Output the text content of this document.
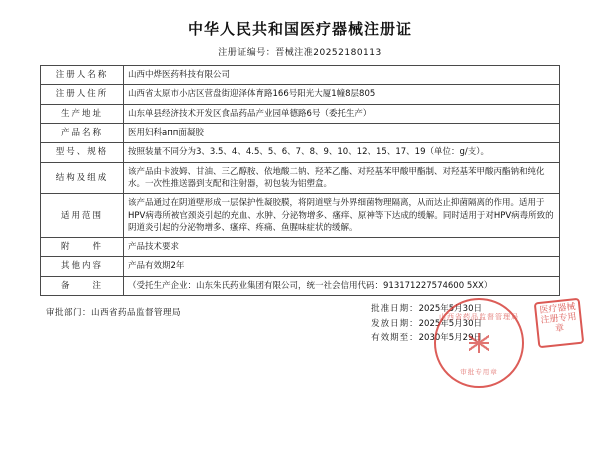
中华人民共和国医疗器械注册证
注册证编号：晋械注准20252180113
注册人名称	山西中烨医药科技有限公司
注册人住所	山西省太原市小店区营盘街迎泽体育路166号阳光大厦1幢8层805
生产地址	山东单县经济技术开发区食品药品产业园单德路6号（委托生产）
产品名称	医用妇科апп面凝胶
型号、规格	按照装量不同分为3、3.5、4、4.5、5、6、7、8、9、10、12、15、17、19（单位：g/支）。
结构及组成	该产品由卡波姆、甘油、三乙醇胺、依地酸二钠、羟苯乙酯、对羟基苯甲酸甲酯制、对羟基苯甲酸丙酯钠和纯化水。一次性推送器到支配和注射器，初包装为铝塑盒。
适用范围	该产品通过在阴道壁形成一层保护性凝胶膜，将阴道壁与外界细菌物理隔离，从而达止抑菌隔离的作用。适用于HPV病毒所被官颈炎引起的充血、水肿、分泌物增多、瘙痒、原神等下达成的缓解。同时适用于对HPV病毒所致的阴道炎引起的分泌物增多、瘙痒、疼痛、鱼腥味症状的缓解。
附　　件	产品技术要求
其他内容	产品有效期2年
备　　注	（受托生产企业：山东朱氏药业集团有限公司，统一社会信用代码：913171227574600 5XX）
审批部门：山西省药品监督管理局	批准日期：2025年5月30日
发放日期：2025年5月30日
有效期至：2030年5月29日
山西省药品监督管理局
审批专用章
医疗器械注册专用章
